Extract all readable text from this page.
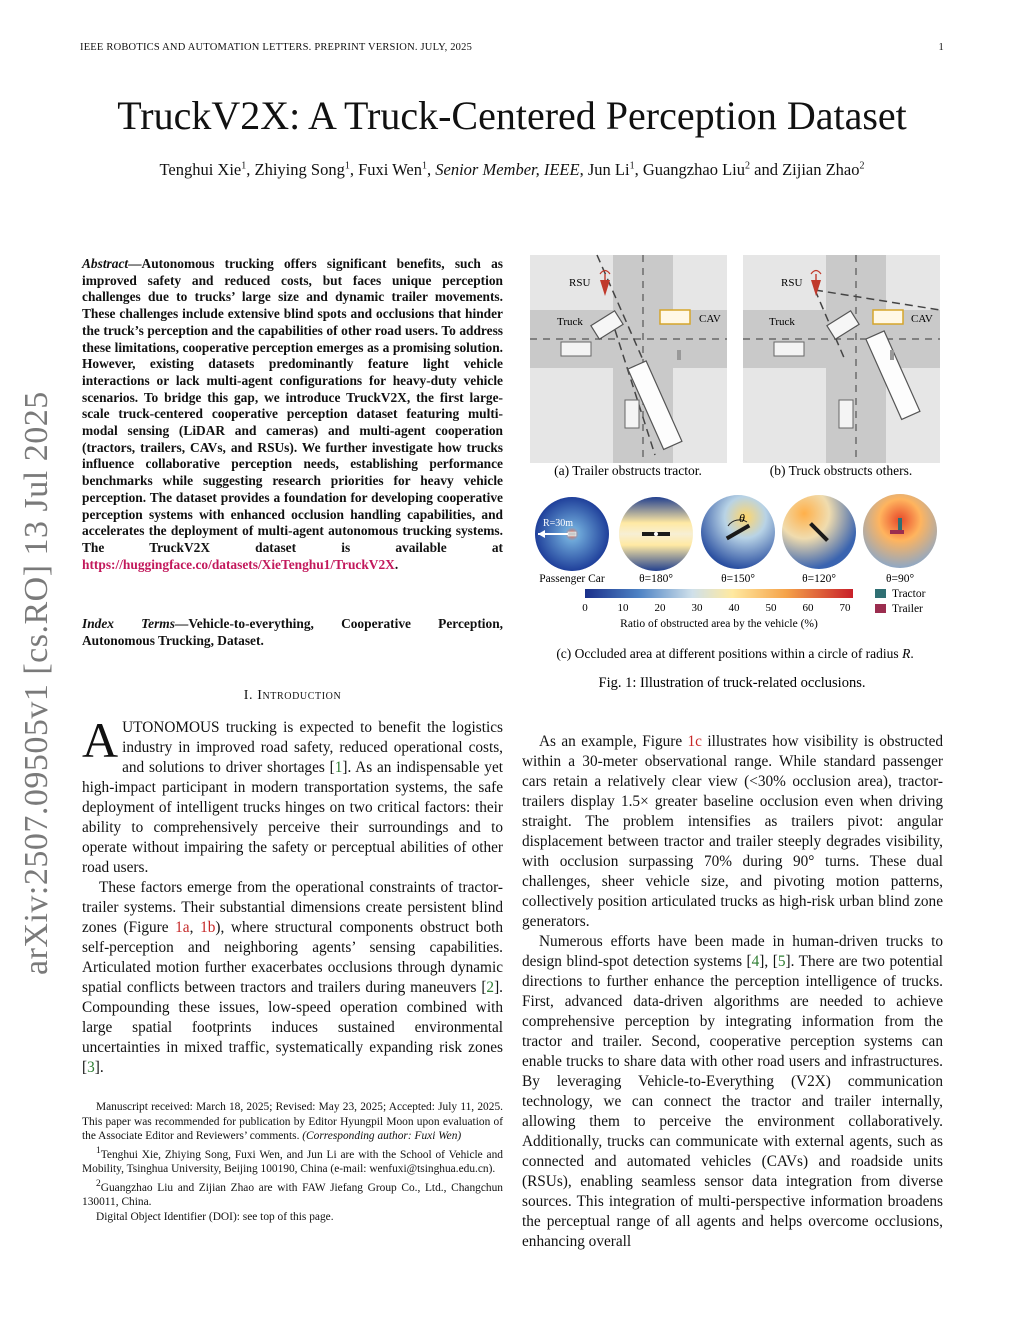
IEEE ROBOTICS AND AUTOMATION LETTERS. PREPRINT VERSION. JULY, 2025	1
TruckV2X: A Truck-Centered Perception Dataset
Tenghui Xie$^1$, Zhiying Song$^1$, Fuxi Wen$^1$, Senior Member, IEEE, Jun Li$^1$, Guangzhao Liu$^2$ and Zijian Zhao$^2$
arXiv:2507.09505v1 [cs.RO] 13 Jul 2025
Abstract—Autonomous trucking offers significant benefits, such as improved safety and reduced costs, but faces unique perception challenges due to trucks’ large size and dynamic trailer movements. These challenges include extensive blind spots and occlusions that hinder the truck’s perception and the capabilities of other road users. To address these limitations, cooperative perception emerges as a promising solution. However, existing datasets predominantly feature light vehicle interactions or lack multi-agent configurations for heavy-duty vehicle scenarios. To bridge this gap, we introduce TruckV2X, the first large-scale truck-centered cooperative perception dataset featuring multi-modal sensing (LiDAR and cameras) and multi-agent cooperation (tractors, trailers, CAVs, and RSUs). We further investigate how trucks influence collaborative perception needs, establishing performance benchmarks while suggesting research priorities for heavy vehicle perception. The dataset provides a foundation for developing cooperative perception systems with enhanced occlusion handling capabilities, and accelerates the deployment of multi-agent autonomous trucking systems. The TruckV2X dataset is available at https://huggingface.co/datasets/XieTenghu1/TruckV2X.
Index Terms—Vehicle-to-everything, Cooperative Perception, Autonomous Trucking, Dataset.
I. Introduction

AUTONOMOUS trucking is expected to benefit the logistics industry in improved road safety, reduced operational costs, and solutions to driver shortages [1]. As an indispensable yet high-impact participant in modern transportation systems, the safe deployment of intelligent trucks hinges on two critical factors: their ability to comprehensively perceive their surroundings and to operate without impairing the safety or perceptual abilities of other road users.

These factors emerge from the operational constraints of tractor-trailer systems. Their substantial dimensions create persistent blind zones (Figure 1a, 1b), where structural components obstruct both self-perception and neighboring agents’ sensing capabilities. Articulated motion further exacerbates occlusions through dynamic spatial conflicts between tractors and trailers during maneuvers [2]. Compounding these issues, low-speed operation combined with large spatial footprints induces sustained environmental uncertainties in mixed traffic, systematically expanding risk zones [3].

Manuscript received: March 18, 2025; Revised: May 23, 2025; Accepted: July 11, 2025. This paper was recommended for publication by Editor Hyungpil Moon upon evaluation of the Associate Editor and Reviewers’ comments. (Corresponding author: Fuxi Wen)

$^1$Tenghui Xie, Zhiying Song, Fuxi Wen, and Jun Li are with the School of Vehicle and Mobility, Tsinghua University, Beijing 100190, China (e-mail: wenfuxi@tsinghua.edu.cn).

$^2$Guangzhao Liu and Zijian Zhao are with FAW Jiefang Group Co., Ltd., Changchun 130011, China.

Digital Object Identifier (DOI): see top of this page.

As an example, Figure 1c illustrates how visibility is obstructed within a 30-meter observational range. While standard passenger cars retain a relatively clear view (<30% occlusion area), tractor-trailers display 1.5× greater baseline occlusion even when driving straight. The problem intensifies as trailers pivot: angular displacement between tractor and trailer steeply degrades visibility, with occlusion surpassing 70% during 90° turns. These dual challenges, sheer vehicle size, and pivoting motion patterns, collectively position articulated trucks as high-risk urban blind zone generators.

Numerous efforts have been made in human-driven trucks to design blind-spot detection systems [4], [5]. There are two potential directions to further enhance the perception intelligence of trucks. First, advanced data-driven algorithms are needed to achieve comprehensive perception by integrating information from the tractor and trailer. Second, cooperative perception systems can enable trucks to share data with other road users and infrastructures. By leveraging Vehicle-to-Everything (V2X) communication technology, we can connect the tractor and trailer internally, allowing them to perceive the environment collaboratively. Additionally, trucks can communicate with external agents, such as connected and automated vehicles (CAVs) and roadside units (RSUs), enabling seamless sensor data integration from diverse sources. This integration of multi-perspective information broadens the perceptual range of all agents and helps overcome occlusions, enhancing overall

RSU
Truck	CAV
RSU
Truck	CAV
(a) Trailer obstructs tractor.	(b) Truck obstructs others.
R=30m	θ
Passenger Car	θ=180°	θ=150°	θ=120°	θ=90°
0	10 20 30 40 50 60 70
Ratio of obstructed area by the vehicle (%)
Tractor
Trailer
(c) Occluded area at different positions within a circle of radius R.
Fig. 1: Illustration of truck-related occlusions.
